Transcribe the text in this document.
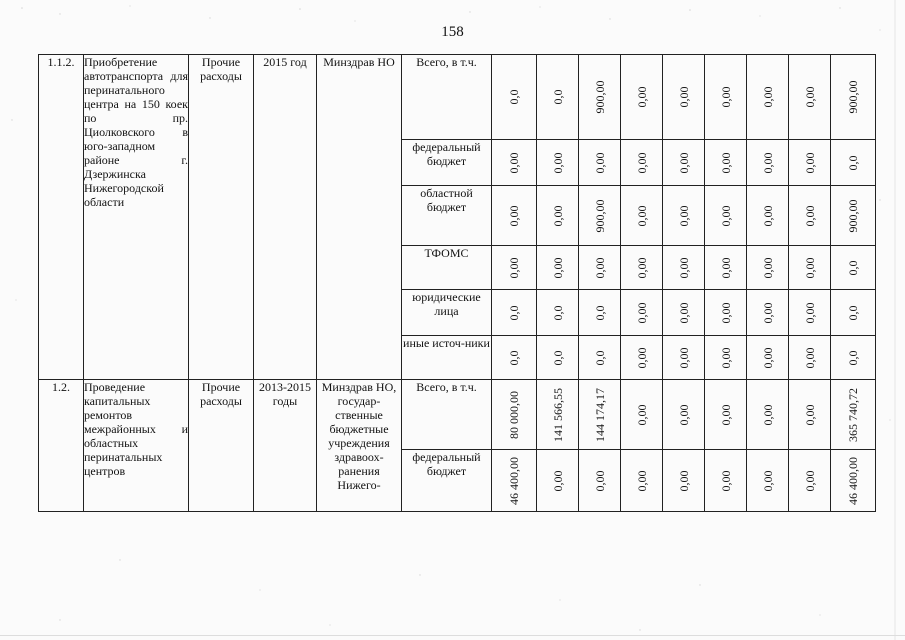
158
1.1.2.	Приобретение автотранспорта для перинатального центра на 150 коек по пр. Циолковского в юго-западном районе г. Дзержинска Нижегородской области	Прочие расходы	2015 год	Минздрав НО	Всего, в т.ч.	0,0	0,0	900,00	0,00	0,00	0,00	0,00	0,00	900,00

					федеральный бюджет	0,00	0,00	0,00	0,00	0,00	0,00	0,00	0,00	0,0

					областной бюджет	0,00	0,00	900,00	0,00	0,00	0,00	0,00	0,00	900,00

					ТФОМС	0,00	0,00	0,00	0,00	0,00	0,00	0,00	0,00	0,0

					юридические лица	0,0	0,0	0,0	0,00	0,00	0,00	0,00	0,00	0,0

					иные источ-ники	0,0	0,0	0,0	0,00	0,00	0,00	0,00	0,00	0,0

1.2.	Проведение капитальных ремонтов межрайонных и областных перинатальных центров	Прочие расходы	2013-2015 годы	Минздрав НО, государ-ственные бюджетные учреждения здравоох-ранения Нижего-	Всего, в т.ч.	80 000,00	141 566,55	144 174,17	0,00	0,00	0,00	0,00	0,00	365 740,72

					федеральный бюджет	46 400,00	0,00	0,00	0,00	0,00	0,00	0,00	0,00	46 400,00
